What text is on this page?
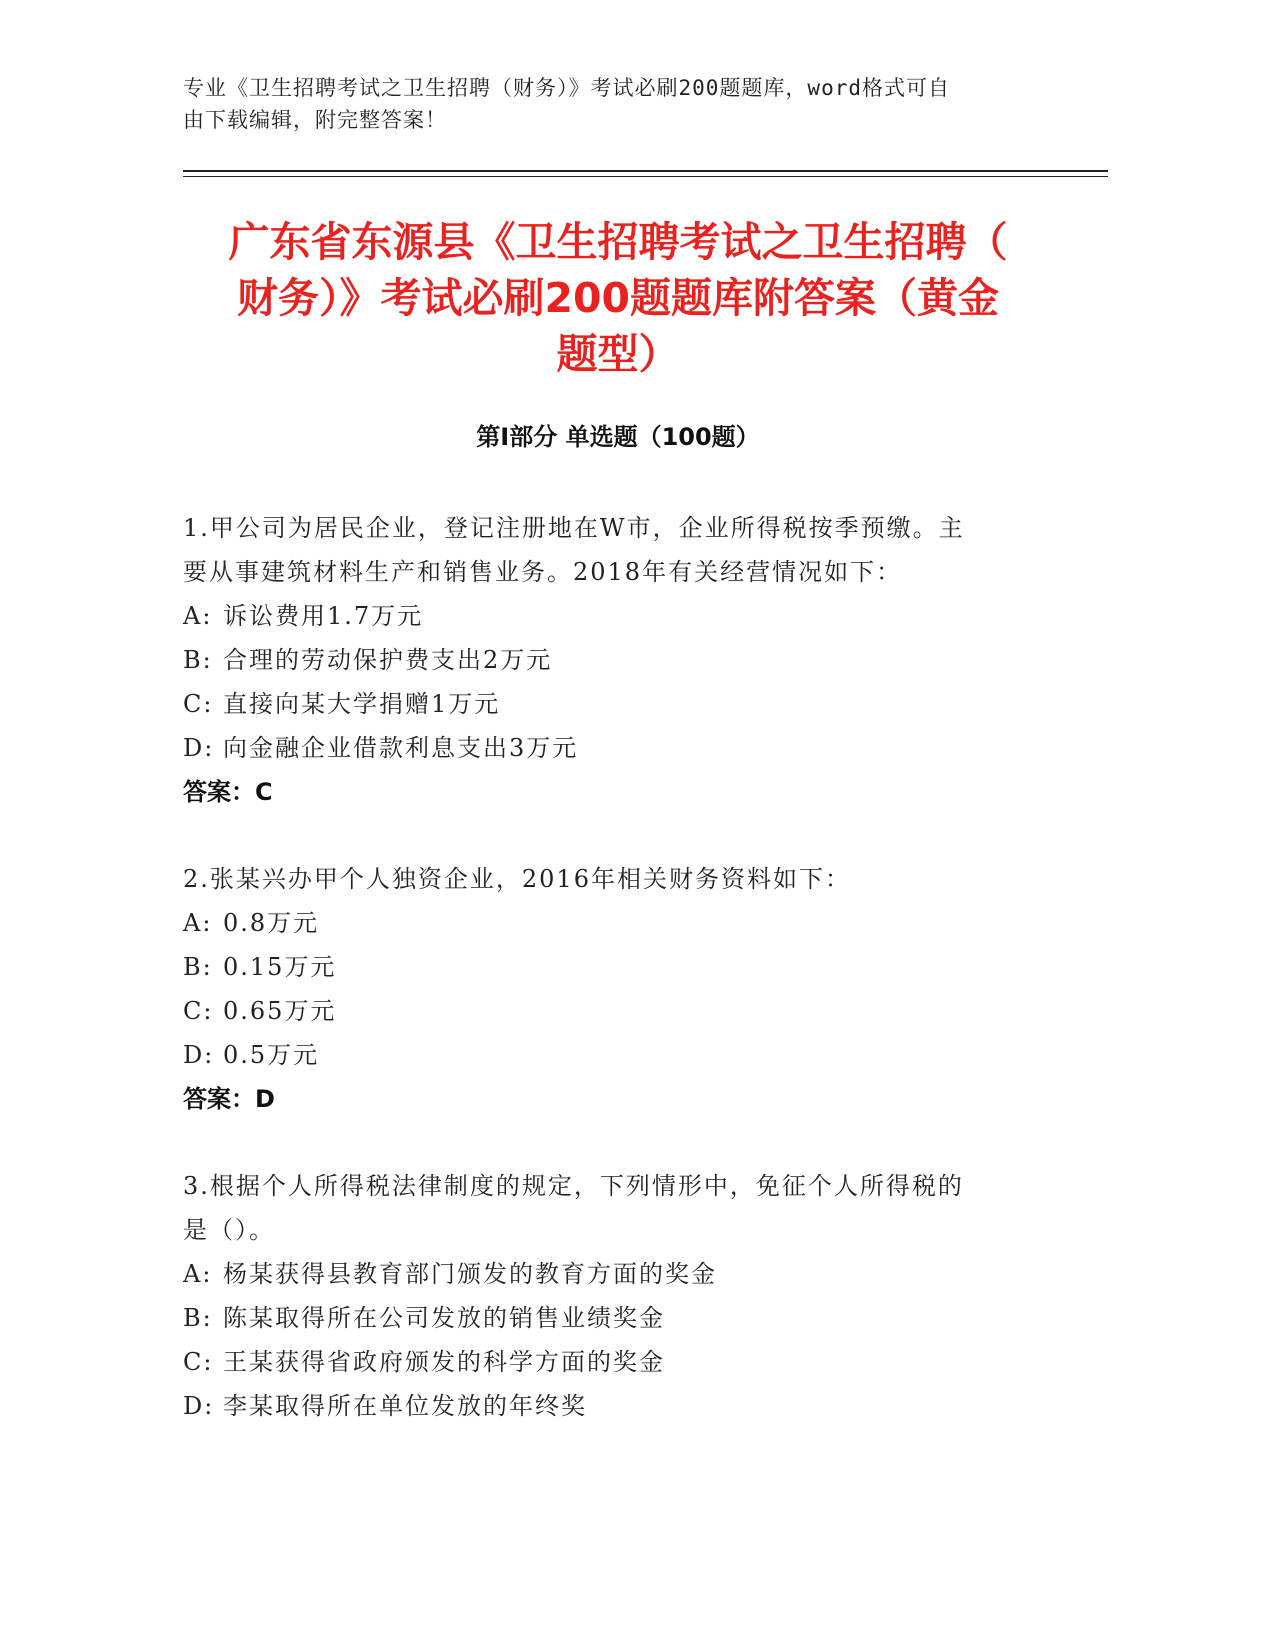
专业《卫生招聘考试之卫生招聘（财务）》考试必刷200题题库，word格式可自
由下载编辑，附完整答案！
广东省东源县《卫生招聘考试之卫生招聘（
财务）》考试必刷200题题库附答案（黄金
题型）
第Ⅰ部分 单选题（100题）

1.甲公司为居民企业，登记注册地在W市，企业所得税按季预缴。主

要从事建筑材料生产和销售业务。2018年有关经营情况如下：

A: 诉讼费用1.7万元

B: 合理的劳动保护费支出2万元

C: 直接向某大学捐赠1万元

D: 向金融企业借款利息支出3万元

答案：C

2.张某兴办甲个人独资企业，2016年相关财务资料如下：

A: 0.8万元

B: 0.15万元

C: 0.65万元

D: 0.5万元

答案：D

3.根据个人所得税法律制度的规定，下列情形中，免征个人所得税的

是（）。

A: 杨某获得县教育部门颁发的教育方面的奖金

B: 陈某取得所在公司发放的销售业绩奖金

C: 王某获得省政府颁发的科学方面的奖金

D: 李某取得所在单位发放的年终奖
